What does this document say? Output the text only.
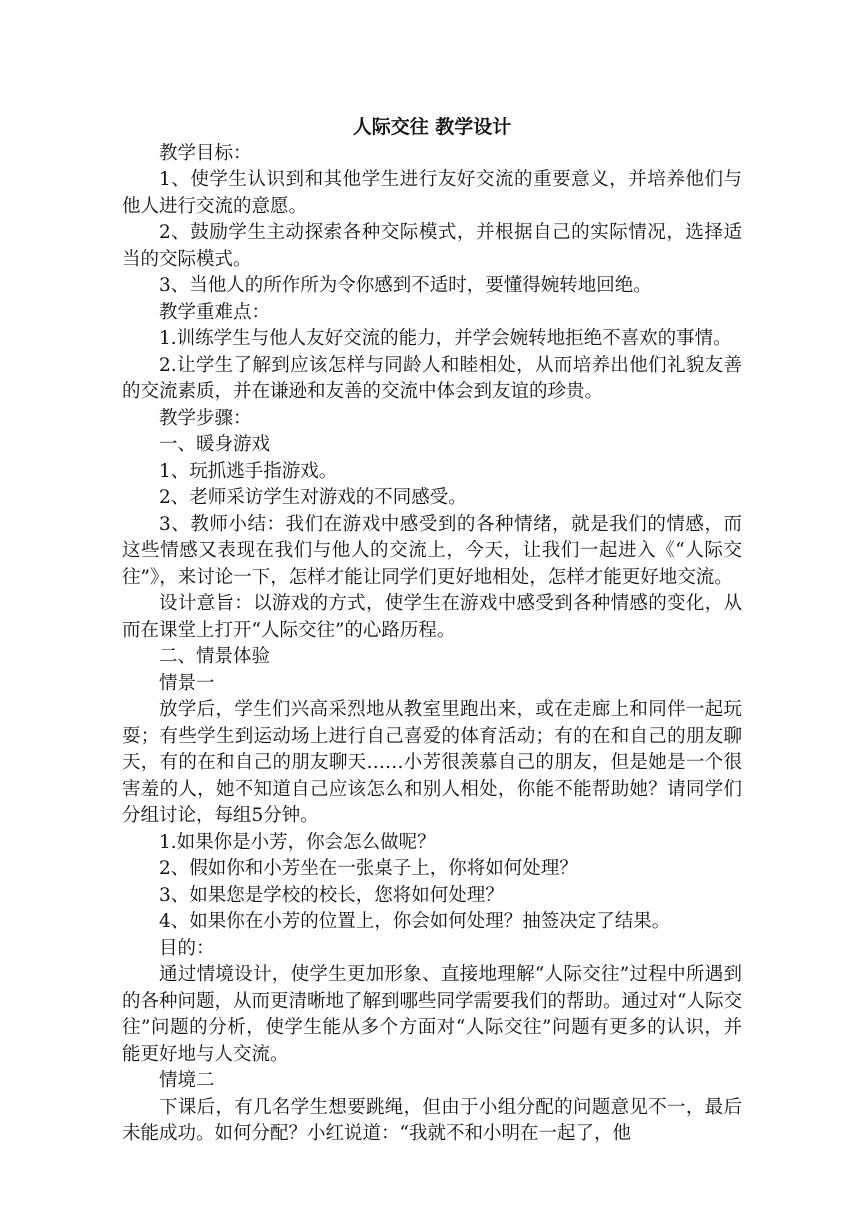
人际交往 教学设计

教学目标：

1、使学生认识到和其他学生进行友好交流的重要意义，并培养他们与他人进行交流的意愿。

2、鼓励学生主动探索各种交际模式，并根据自己的实际情况，选择适当的交际模式。

3、当他人的所作所为令你感到不适时，要懂得婉转地回绝。

教学重难点：

1.训练学生与他人友好交流的能力，并学会婉转地拒绝不喜欢的事情。

2.让学生了解到应该怎样与同龄人和睦相处，从而培养出他们礼貌友善的交流素质，并在谦逊和友善的交流中体会到友谊的珍贵。

教学步骤：

一、暖身游戏

1、玩抓逃手指游戏。

2、老师采访学生对游戏的不同感受。

3、教师小结：我们在游戏中感受到的各种情绪，就是我们的情感，而这些情感又表现在我们与他人的交流上，今天，让我们一起进入《“人际交往”》，来讨论一下，怎样才能让同学们更好地相处，怎样才能更好地交流。

设计意旨：以游戏的方式，使学生在游戏中感受到各种情感的变化，从而在课堂上打开“人际交往”的心路历程。

二、情景体验

情景一

放学后，学生们兴高采烈地从教室里跑出来，或在走廊上和同伴一起玩耍；有些学生到运动场上进行自己喜爱的体育活动；有的在和自己的朋友聊天，有的在和自己的朋友聊天……小芳很羡慕自己的朋友，但是她是一个很害羞的人，她不知道自己应该怎么和别人相处，你能不能帮助她？请同学们分组讨论，每组5分钟。

1.如果你是小芳，你会怎么做呢？

2、假如你和小芳坐在一张桌子上，你将如何处理？

3、如果您是学校的校长，您将如何处理？

4、如果你在小芳的位置上，你会如何处理？抽签决定了结果。

目的：

通过情境设计，使学生更加形象、直接地理解“人际交往”过程中所遇到的各种问题，从而更清晰地了解到哪些同学需要我们的帮助。通过对“人际交往”问题的分析，使学生能从多个方面对“人际交往”问题有更多的认识，并能更好地与人交流。

情境二

下课后，有几名学生想要跳绳，但由于小组分配的问题意见不一，最后未能成功。如何分配？小红说道：“我就不和小明在一起了，他
